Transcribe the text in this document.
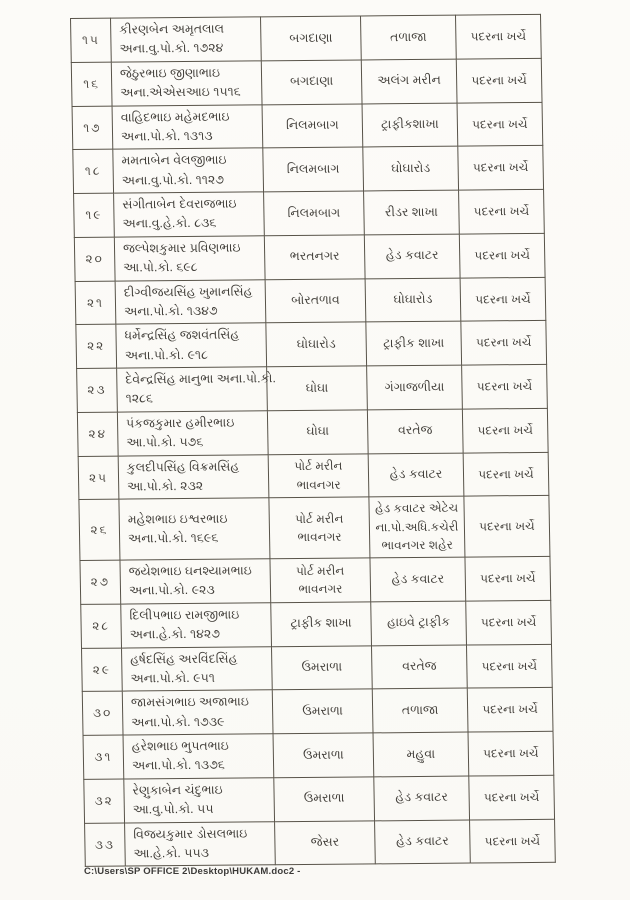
૧૫	કીરણબેન અમૃતલાલ
અના.વુ.પો.કો. ૧૭૨૪	બગદાણા	તળાજા	પદરના ખર્ચે
૧૬	જેઠુરભાઇ જીણાભાઇ
અના.એએસઆઇ ૧૫૧૬	બગદાણા	અલંગ મરીન	પદરના ખર્ચે
૧૭	વાહિદભાઇ મહેમદભાઇ
અના.પો.કો. ૧૩૧૩	નિલમબાગ	ટ્રાફીકશાખા	પદરના ખર્ચે
૧૮	મમતાબેન વેલજીભાઇ
અના.વુ.પો.કો. ૧૧૨૭	નિલમબાગ	ઘોઘારોડ	પદરના ખર્ચે
૧૯	સંગીતાબેન દેવરાજભાઇ
અના.વુ.હે.કો. ૮૩૬	નિલમબાગ	રીડર શાખા	પદરના ખર્ચે
૨૦	જલ્પેશકુમાર પ્રવિણભાઇ
આ.પો.કો. ૬૯૮	ભરતનગર	હેડ કવાટર	પદરના ખર્ચે
૨૧	દીગ્વીજયસિંહ ખુમાનસિંહ
અના.પો.કો. ૧૩૪૭	બોરતળાવ	ઘોઘારોડ	પદરના ખર્ચે
૨૨	ધર્મેન્દ્રસિંહ જશવંતસિંહ
અના.પો.કો. ૯૧૮	ઘોઘારોડ	ટ્રાફીક શાખા	પદરના ખર્ચે
૨૩	દેવેન્દ્રસિંહ માનુભા અના.પો.કો.
૧૨૮૬	ઘોઘા	ગંગાજળીયા	પદરના ખર્ચે
૨૪	પંકજકુમાર હમીરભાઇ
આ.પો.કો. ૫૭૬	ઘોઘા	વરતેજ	પદરના ખર્ચે
૨૫	કુલદીપસિંહ વિક્રમસિંહ
આ.પો.કો. ૨૩૨	પોર્ટ મરીન ભાવનગર	હેડ કવાટર	પદરના ખર્ચે
૨૬	મહેશભાઇ ઇશ્વરભાઇ
અના.પો.કો. ૧૬૯૬	પોર્ટ મરીન ભાવનગર	હેડ કવાટર એટેચ ના.પો.અધિ.કચેરી ભાવનગર શહેર	પદરના ખર્ચે
૨૭	જયેશભાઇ ઘનશ્યામભાઇ
અના.પો.કો. ૯૨૩	પોર્ટ મરીન ભાવનગર	હેડ કવાટર	પદરના ખર્ચે
૨૮	દિલીપભાઇ રામજીભાઇ
અના.હે.કો. ૧૪૨૭	ટ્રાફીક શાખા	હાઇવે ટ્રાફીક	પદરના ખર્ચે
૨૯	હર્ષદસિંહ અરવિંદસિંહ
અના.પો.કો. ૯૫૧	ઉમરાળા	વરતેજ	પદરના ખર્ચે
૩૦	જામસંગભાઇ અજાભાઇ
અના.પો.કો. ૧૭૩૯	ઉમરાળા	તળાજા	પદરના ખર્ચે
૩૧	હરેશભાઇ ભુપતભાઇ
અના.પો.કો. ૧૩૭૬	ઉમરાળા	મહુવા	પદરના ખર્ચે
૩૨	રેણુકાબેન ચંદુભાઇ
આ.વુ.પો.કો. ૫૫	ઉમરાળા	હેડ કવાટર	પદરના ખર્ચે
૩૩	વિજયકુમાર ડોસલભાઇ
આ.હે.કો. ૫૫૩	જેસર	હેડ કવાટર	પદરના ખર્ચે
C:\Users\SP OFFICE 2\Desktop\HUKAM.doc2 -
